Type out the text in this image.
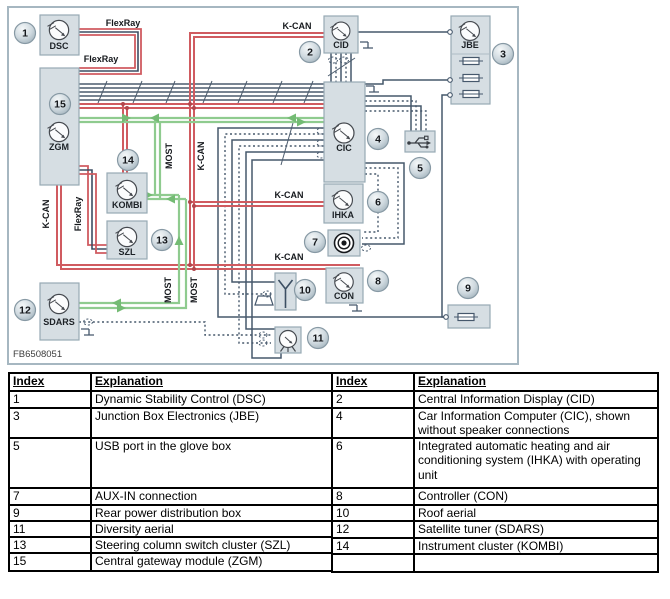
DSC
ZGM
KOMBI
SZL
SDARS
CID	JBE
CIC
IHKA
CON
1
2	3
4
5
6
7
8
9
10
11
12
13
14
15
FlexRay
FlexRay
K-CAN
K-CAN
MOST
K-CAN FlexRay
MOST MOST
K-CAN
K-CAN
FB6508051
Index	Explanation
1	Dynamic Stability Control (DSC)
3	Junction Box Electronics (JBE)
5	USB port in the glove box
7	AUX-IN connection
9	Rear power distribution box
11	Diversity aerial
13	Steering column switch cluster (SZL)
15	Central gateway module (ZGM)
Index	Explanation
2	Central Information Display (CID)
4	Car Information Computer (CIC), shown without speaker connections
6	Integrated automatic heating and air conditioning system (IHKA) with operating unit
8	Controller (CON)
10	Roof aerial
12	Satellite tuner (SDARS)
14	Instrument cluster (KOMBI)
